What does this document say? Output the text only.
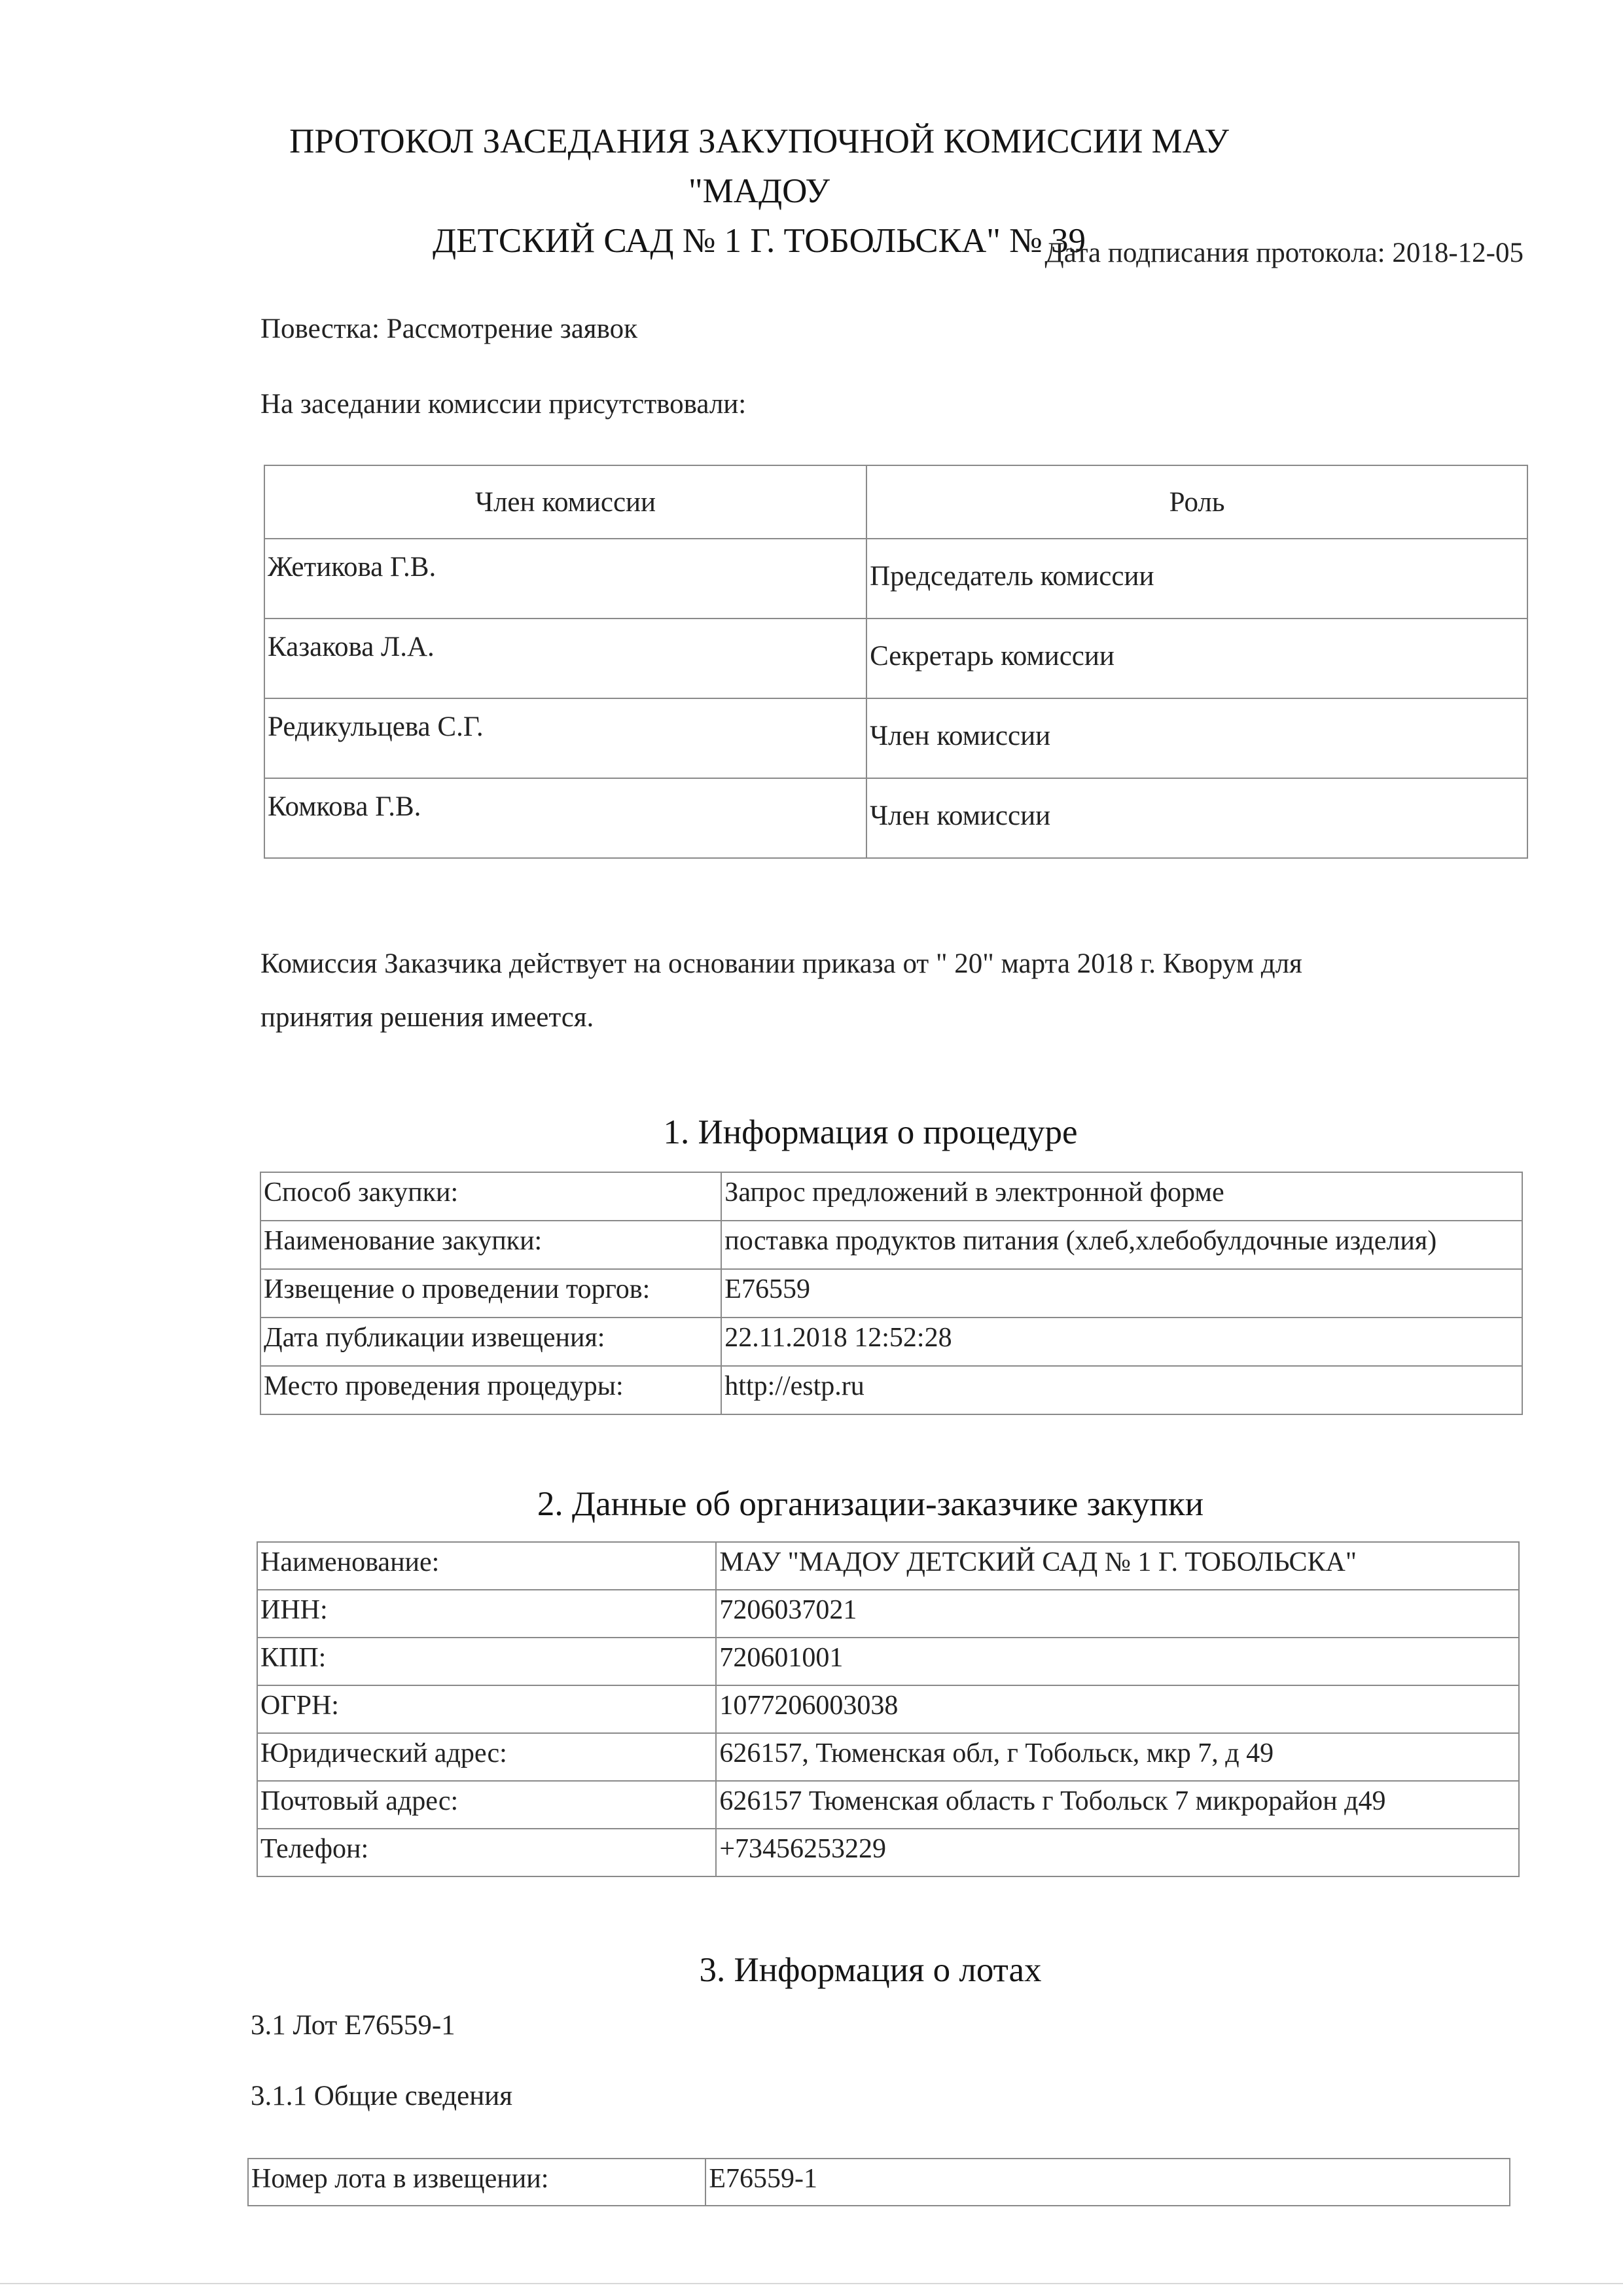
ПРОТОКОЛ ЗАСЕДАНИЯ ЗАКУПОЧНОЙ КОМИССИИ МАУ "МАДОУ
ДЕТСКИЙ САД № 1 Г. ТОБОЛЬСКА" № 39
Дата подписания протокола: 2018-12-05
Повестка: Рассмотрение заявок
На заседании комиссии присутствовали:
Член комиссии	Роль
Жетикова Г.В.	Председатель комиссии
Казакова Л.А.	Секретарь комиссии
Редикульцева С.Г.	Член комиссии
Комкова Г.В.	Член комиссии
Комиссия Заказчика действует на основании приказа от " 20" марта 2018 г. Кворум для
принятия решения имеется.
1. Информация о процедуре
Способ закупки:	Запрос предложений в электронной форме
Наименование закупки:	поставка продуктов питания (хлеб,хлебобулдочные изделия)
Извещение о проведении торгов:	E76559
Дата публикации извещения:	22.11.2018 12:52:28
Место проведения процедуры:	http://estp.ru
2. Данные об организации-заказчике закупки
Наименование:	МАУ "МАДОУ ДЕТСКИЙ САД № 1 Г. ТОБОЛЬСКА"
ИНН:	7206037021
КПП:	720601001
ОГРН:	1077206003038
Юридический адрес:	626157, Тюменская обл, г Тобольск, мкр 7, д 49
Почтовый адрес:	626157 Тюменская область г Тобольск 7 микрорайон д49
Телефон:	+73456253229
3. Информация о лотах
3.1 Лот E76559-1
3.1.1 Общие сведения
Номер лота в извещении:	E76559-1
